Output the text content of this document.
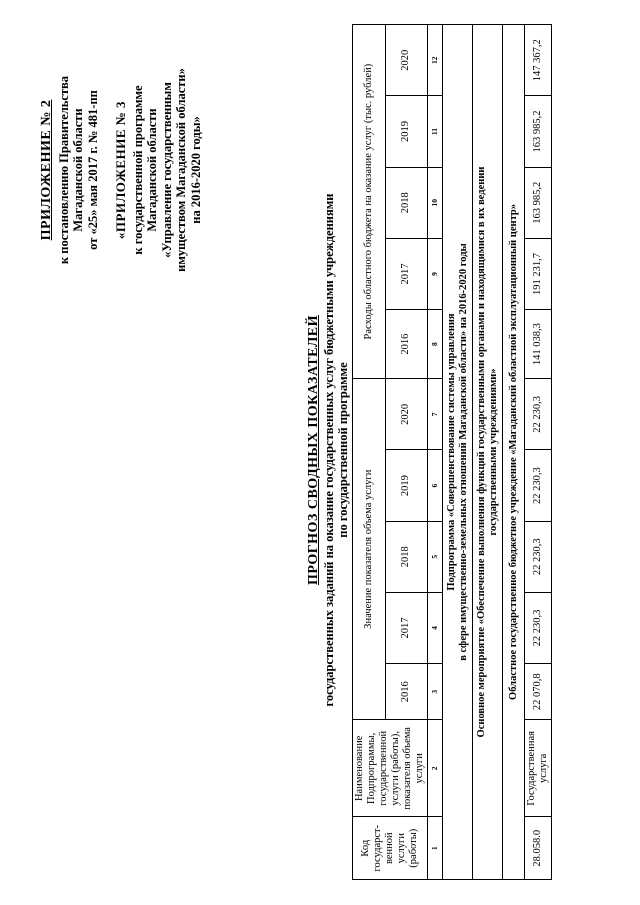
ПРИЛОЖЕНИЕ № 2 к постановлению Правительства Магаданской области от «25» мая 2017 г. № 481-пп «ПРИЛОЖЕНИЕ № 3 к государственной программе Магаданской области «Управление государственным имуществом Магаданской области» на 2016-2020 годы»
ПРОГНОЗ СВОДНЫХ ПОКАЗАТЕЛЕЙ государственных заданий на оказание государственных услуг бюджетными учреждениями по государственной программе
Код государст-венной услуги (работы)	Наименование Подпрограммы, государственной услуги (работы), показателя объема услуги	Значение показателя объема услуги					Расходы областного бюджета на оказание услуг (тыс. рублей)				
		2016	2017	2018	2019	2020	2016	2017	2018	2019	2020
1	2	3	4	5	6	7	8	9	10	11	12

Подпрограмма «Совершенствование системы управления в сфере имущественно-земельных отношений Магаданской области» на 2016-2020 годы											

Основное мероприятие «Обеспечение выполнения функций государственными органами и находящимися в их ведении государственными учреждениями»											

Областное государственное бюджетное учреждение «Магаданский областной эксплуатационный центр»											
28.058.0	Государственная услуга	22 070,8	22 230,3	22 230,3	22 230,3	22 230,3	141 038,3	191 231,7	163 985,2	163 985,2	147 367,2
